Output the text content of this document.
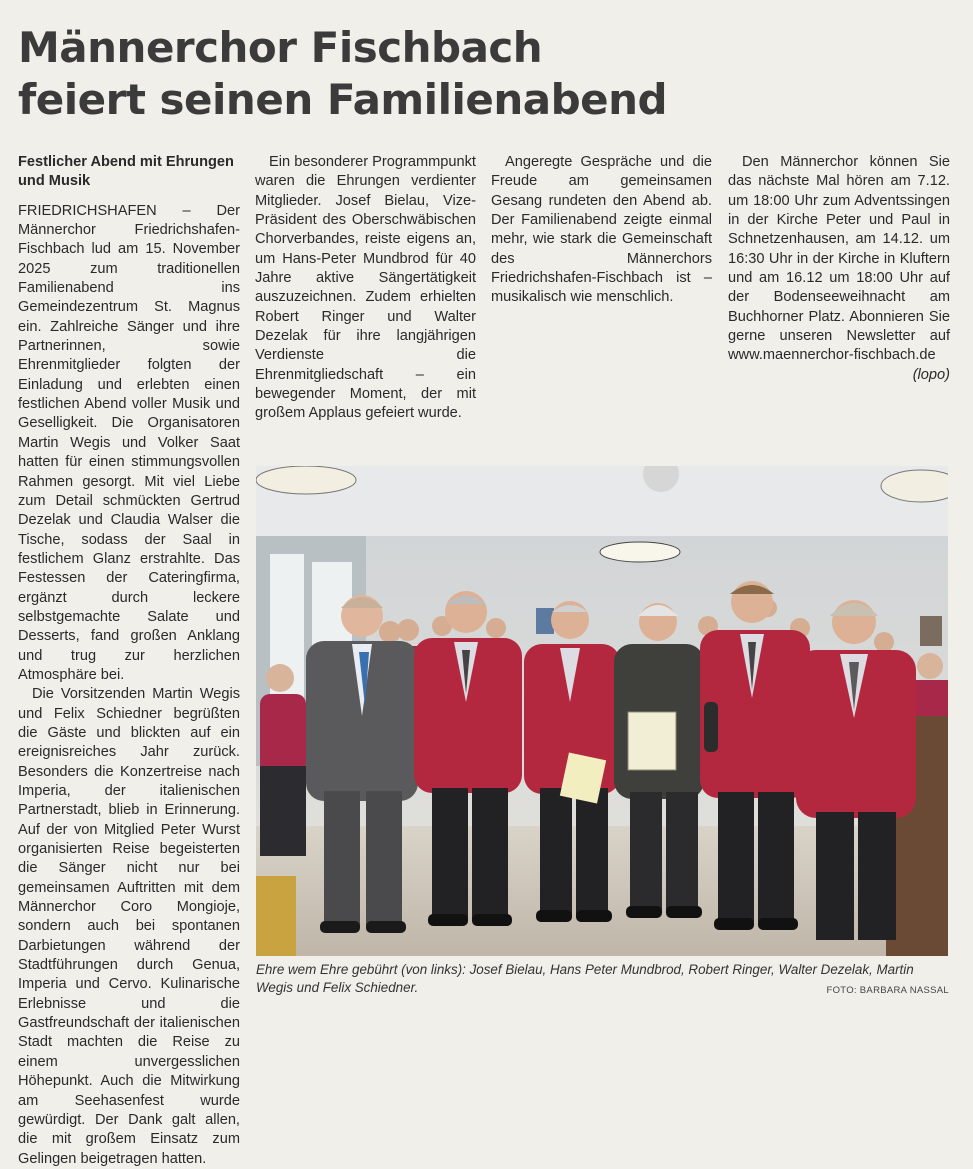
Männerchor Fischbach
feiert seinen Familienabend

Festlicher Abend mit Ehrungen und Musik

FRIEDRICHSHAFEN – Der Männerchor Friedrichshafen-Fischbach lud am 15. November 2025 zum traditionellen Familienabend ins Gemeindezentrum St. Magnus ein. Zahlreiche Sänger und ihre Partnerinnen, sowie Ehrenmitglieder folgten der Einladung und erlebten einen festlichen Abend voller Musik und Geselligkeit. Die Organisatoren Martin Wegis und Volker Saat hatten für einen stimmungsvollen Rahmen gesorgt. Mit viel Liebe zum Detail schmückten Gertrud Dezelak und Claudia Walser die Tische, sodass der Saal in festlichem Glanz erstrahlte. Das Festessen der Cateringfirma, ergänzt durch leckere selbstgemachte Salate und Desserts, fand großen Anklang und trug zur herzlichen Atmosphäre bei.

Die Vorsitzenden Martin Wegis und Felix Schiedner begrüßten die Gäste und blickten auf ein ereignisreiches Jahr zurück. Besonders die Konzertreise nach Imperia, der italienischen Partnerstadt, blieb in Erinnerung. Auf der von Mitglied Peter Wurst organisierten Reise begeisterten die Sänger nicht nur bei gemeinsamen Auftritten mit dem Männerchor Coro Mongioje, sondern auch bei spontanen Darbietungen während der Stadtführungen durch Genua, Imperia und Cervo. Kulinarische Erlebnisse und die Gastfreundschaft der italienischen Stadt machten die Reise zu einem unvergesslichen Höhepunkt. Auch die Mitwirkung am Seehasenfest wurde gewürdigt. Der Dank galt allen, die mit großem Einsatz zum Gelingen beigetragen hatten.

Ein besonderer Programmpunkt waren die Ehrungen verdienter Mitglieder. Josef Bielau, Vize-Präsident des Oberschwäbischen Chorverbandes, reiste eigens an, um Hans-Peter Mundbrod für 40 Jahre aktive Sängertätigkeit auszuzeichnen. Zudem erhielten Robert Ringer und Walter Dezelak für ihre langjährigen Verdienste die Ehrenmitgliedschaft – ein bewegender Moment, der mit großem Applaus gefeiert wurde.

Angeregte Gespräche und die Freude am gemeinsamen Gesang rundeten den Abend ab. Der Familienabend zeigte einmal mehr, wie stark die Gemeinschaft des Männerchors Friedrichshafen-Fischbach ist – musikalisch wie menschlich.

Den Männerchor können Sie das nächste Mal hören am 7.12. um 18:00 Uhr zum Adventssingen in der Kirche Peter und Paul in Schnetzenhausen, am 14.12. um 16:30 Uhr in der Kirche in Kluftern und am 16.12 um 18:00 Uhr auf der Bodenseeweihnacht am Buchhorner Platz. Abonnieren Sie gerne unseren Newsletter auf www.maennerchor-fischbach.de
(lopo)

Ehre wem Ehre gebührt (von links): Josef Bielau, Hans Peter Mundbrod, Robert Ringer, Walter Dezelak, Martin Wegis und Felix Schiedner.	FOTO: BARBARA NASSAL
